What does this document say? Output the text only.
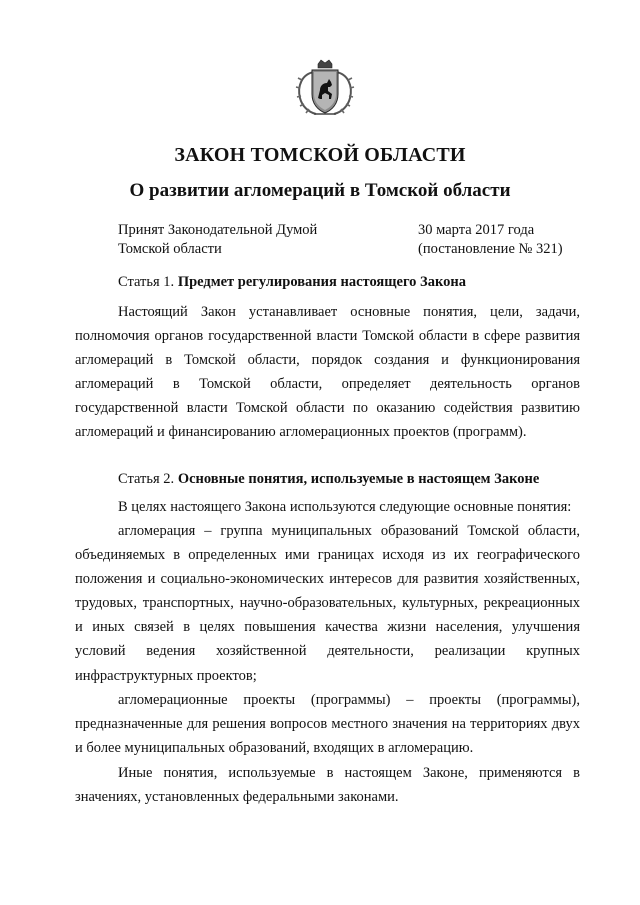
ЗАКОН ТОМСКОЙ ОБЛАСТИ
О развитии агломераций в Томской области
Принят Законодательной Думой
Томской области
30 марта 2017 года
(постановление № 321)
Статья 1. Предмет регулирования настоящего Закона

Настоящий Закон устанавливает основные понятия, цели, задачи, полномочия органов государственной власти Томской области в сфере развития агломераций в Томской области, порядок создания и функционирования агломераций в Томской области, определяет деятельность органов государственной власти Томской области по оказанию содействия развитию агломераций и финансированию агломерационных проектов (программ).

Статья 2. Основные понятия, используемые в настоящем Законе

В целях настоящего Закона используются следующие основные понятия:

агломерация – группа муниципальных образований Томской области, объединяемых в определенных ими границах исходя из их географического положения и социально-экономических интересов для развития хозяйственных, трудовых, транспортных, научно-образовательных, культурных, рекреационных и иных связей в целях повышения качества жизни населения, улучшения условий ведения хозяйственной деятельности, реализации крупных инфраструктурных проектов;

агломерационные проекты (программы) – проекты (программы), предназначенные для решения вопросов местного значения на территориях двух и более муниципальных образований, входящих в агломерацию.

Иные понятия, используемые в настоящем Законе, применяются в значениях, установленных федеральными законами.
